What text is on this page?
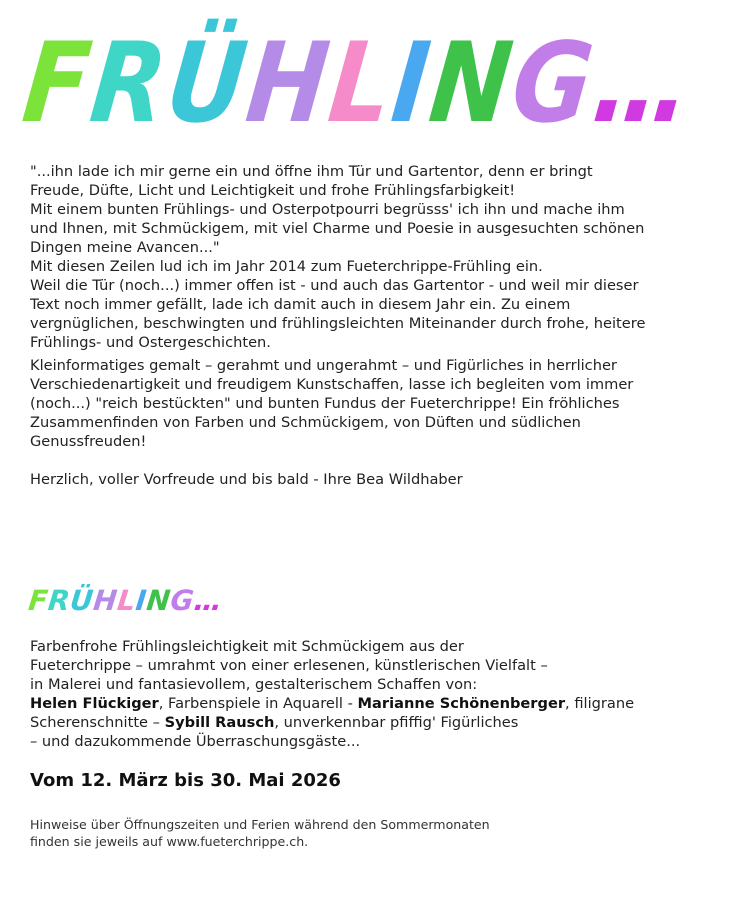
FRÜHLING…

"...ihn lade ich mir gerne ein und öffne ihm Tür und Gartentor, denn er bringt

Freude, Düfte, Licht und Leichtigkeit und frohe Frühlingsfarbigkeit!

Mit einem bunten Frühlings- und Osterpotpourri begrüsss' ich ihn und mache ihm

und Ihnen, mit Schmückigem, mit viel Charme und Poesie in ausgesuchten schönen

Dingen meine Avancen..."

Mit diesen Zeilen lud ich im Jahr 2014 zum Fueterchrippe-Frühling ein.

Weil die Tür (noch...) immer offen ist - und auch das Gartentor - und weil mir dieser

Text noch immer gefällt, lade ich damit auch in diesem Jahr ein. Zu einem

vergnüglichen, beschwingten und frühlingsleichten Miteinander durch frohe, heitere

Frühlings- und Ostergeschichten.

Kleinformatiges gemalt – gerahmt und ungerahmt – und Figürliches in herrlicher

Verschiedenartigkeit und freudigem Kunstschaffen, lasse ich begleiten vom immer

(noch...) "reich bestückten" und bunten Fundus der Fueterchrippe! Ein fröhliches

Zusammenfinden von Farben und Schmückigem, von Düften und südlichen

Genussfreuden!

Herzlich, voller Vorfreude und bis bald - Ihre Bea Wildhaber
FRÜHLING…

Farbenfrohe Frühlingsleichtigkeit mit Schmückigem aus der

Fueterchrippe – umrahmt von einer erlesenen, künstlerischen Vielfalt –

in Malerei und fantasievollem, gestalterischem Schaffen von:

Helen Flückiger, Farbenspiele in Aquarell - Marianne Schönenberger, filigrane

Scherenschnitte – Sybill Rausch, unverkennbar pfiffig' Figürliches

– und dazukommende Überraschungsgäste...

Vom 12. März bis 30. Mai 2026
Hinweise über Öffnungszeiten und Ferien während den Sommermonaten
finden sie jeweils auf www.fueterchrippe.ch.
